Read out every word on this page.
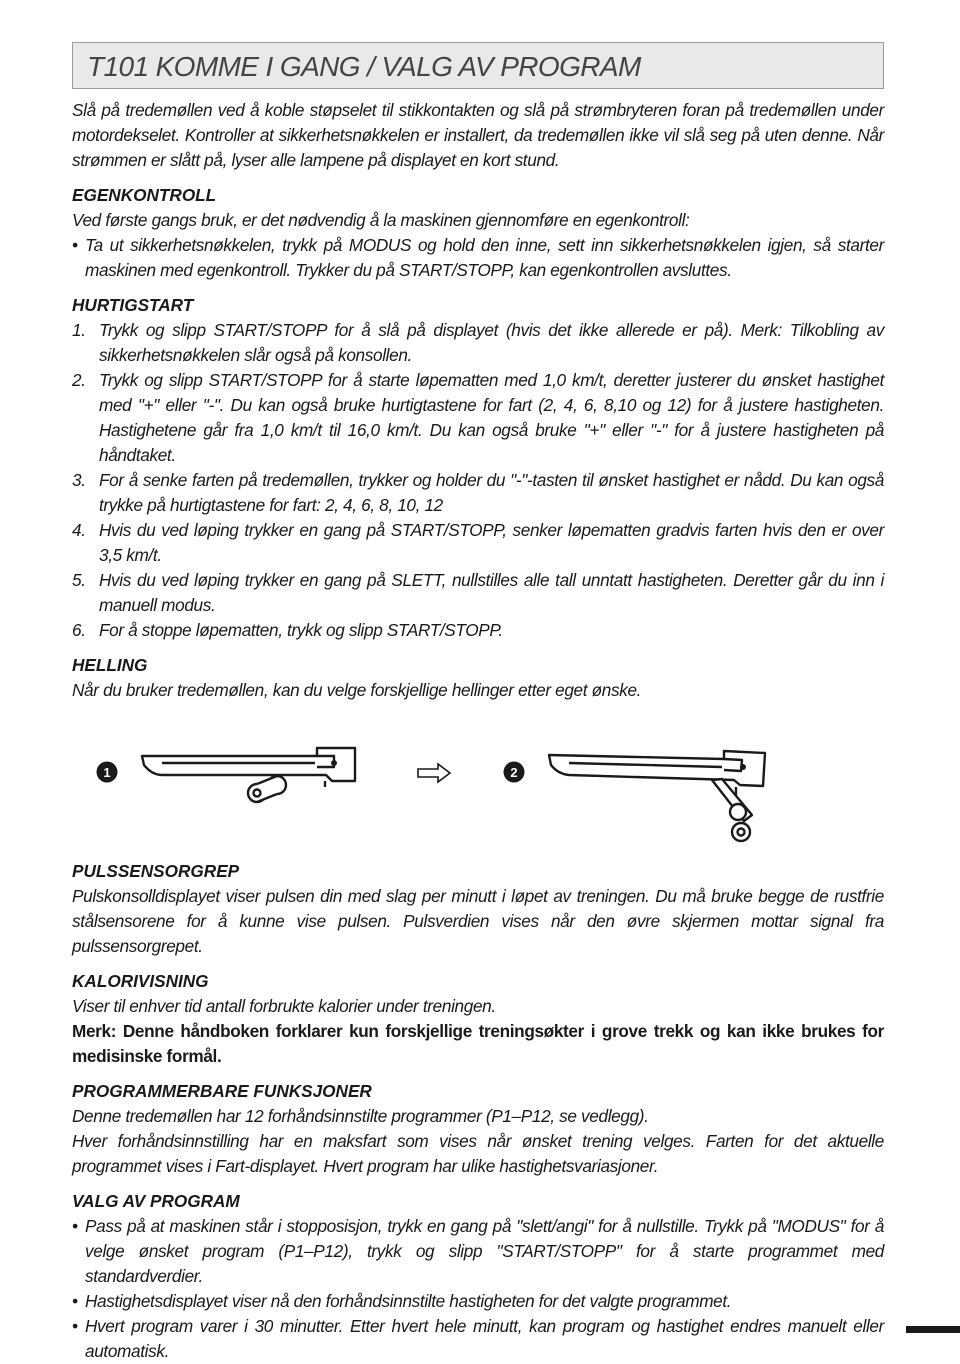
T101 KOMME I GANG / VALG AV PROGRAM

Slå på tredemøllen ved å koble støpselet til stikkontakten og slå på strømbryteren foran på tredemøllen under motordekselet. Kontroller at sikkerhetsnøkkelen er installert, da tredemøllen ikke vil slå seg på uten denne. Når strømmen er slått på, lyser alle lampene på displayet en kort stund.

EGENKONTROLL

Ved første gangs bruk, er det nødvendig å la maskinen gjennomføre en egenkontroll:

• Ta ut sikkerhetsnøkkelen, trykk på MODUS og hold den inne, sett inn sikkerhetsnøkkelen igjen, så starter maskinen med egenkontroll. Trykker du på START/STOPP, kan egenkontrollen avsluttes.
HURTIGSTART
1. Trykk og slipp START/STOPP for å slå på displayet (hvis det ikke allerede er på). Merk: Tilkobling av sikkerhetsnøkkelen slår også på konsollen.
2. Trykk og slipp START/STOPP for å starte løpematten med 1,0 km/t, deretter justerer du ønsket hastighet med "+" eller "-". Du kan også bruke hurtigtastene for fart (2, 4, 6, 8,10 og 12) for å justere hastigheten. Hastighetene går fra 1,0 km/t til 16,0 km/t. Du kan også bruke "+" eller "-" for å justere hastigheten på håndtaket.
3. For å senke farten på tredemøllen, trykker og holder du "-"-tasten til ønsket hastighet er nådd. Du kan også trykke på hurtigtastene for fart: 2, 4, 6, 8, 10, 12
4. Hvis du ved løping trykker en gang på START/STOPP, senker løpematten gradvis farten hvis den er over 3,5 km/t.
5. Hvis du ved løping trykker en gang på SLETT, nullstilles alle tall unntatt hastigheten. Deretter går du inn i manuell modus.
6. For å stoppe løpematten, trykk og slipp START/STOPP.
HELLING

Når du bruker tredemøllen, kan du velge forskjellige hellinger etter eget ønske.

1	2
PULSSENSORGREP

Pulskonsolldisplayet viser pulsen din med slag per minutt i løpet av treningen. Du må bruke begge de rustfrie stålsensorene for å kunne vise pulsen. Pulsverdien vises når den øvre skjermen mottar signal fra pulssensorgrepet.

KALORIVISNING

Viser til enhver tid antall forbrukte kalorier under treningen.

Merk: Denne håndboken forklarer kun forskjellige treningsøkter i grove trekk og kan ikke brukes for medisinske formål.

PROGRAMMERBARE FUNKSJONER

Denne tredemøllen har 12 forhåndsinnstilte programmer (P1–P12, se vedlegg).

Hver forhåndsinnstilling har en maksfart som vises når ønsket trening velges. Farten for det aktuelle programmet vises i Fart-displayet. Hvert program har ulike hastighetsvariasjoner.

VALG AV PROGRAM
• Pass på at maskinen står i stopposisjon, trykk en gang på "slett/angi" for å nullstille. Trykk på "MODUS" for å velge ønsket program (P1–P12), trykk og slipp "START/STOPP" for å starte programmet med standardverdier.
• Hastighetsdisplayet viser nå den forhåndsinnstilte hastigheten for det valgte programmet.
• Hvert program varer i 30 minutter. Etter hvert hele minutt, kan program og hastighet endres manuelt eller automatisk.
